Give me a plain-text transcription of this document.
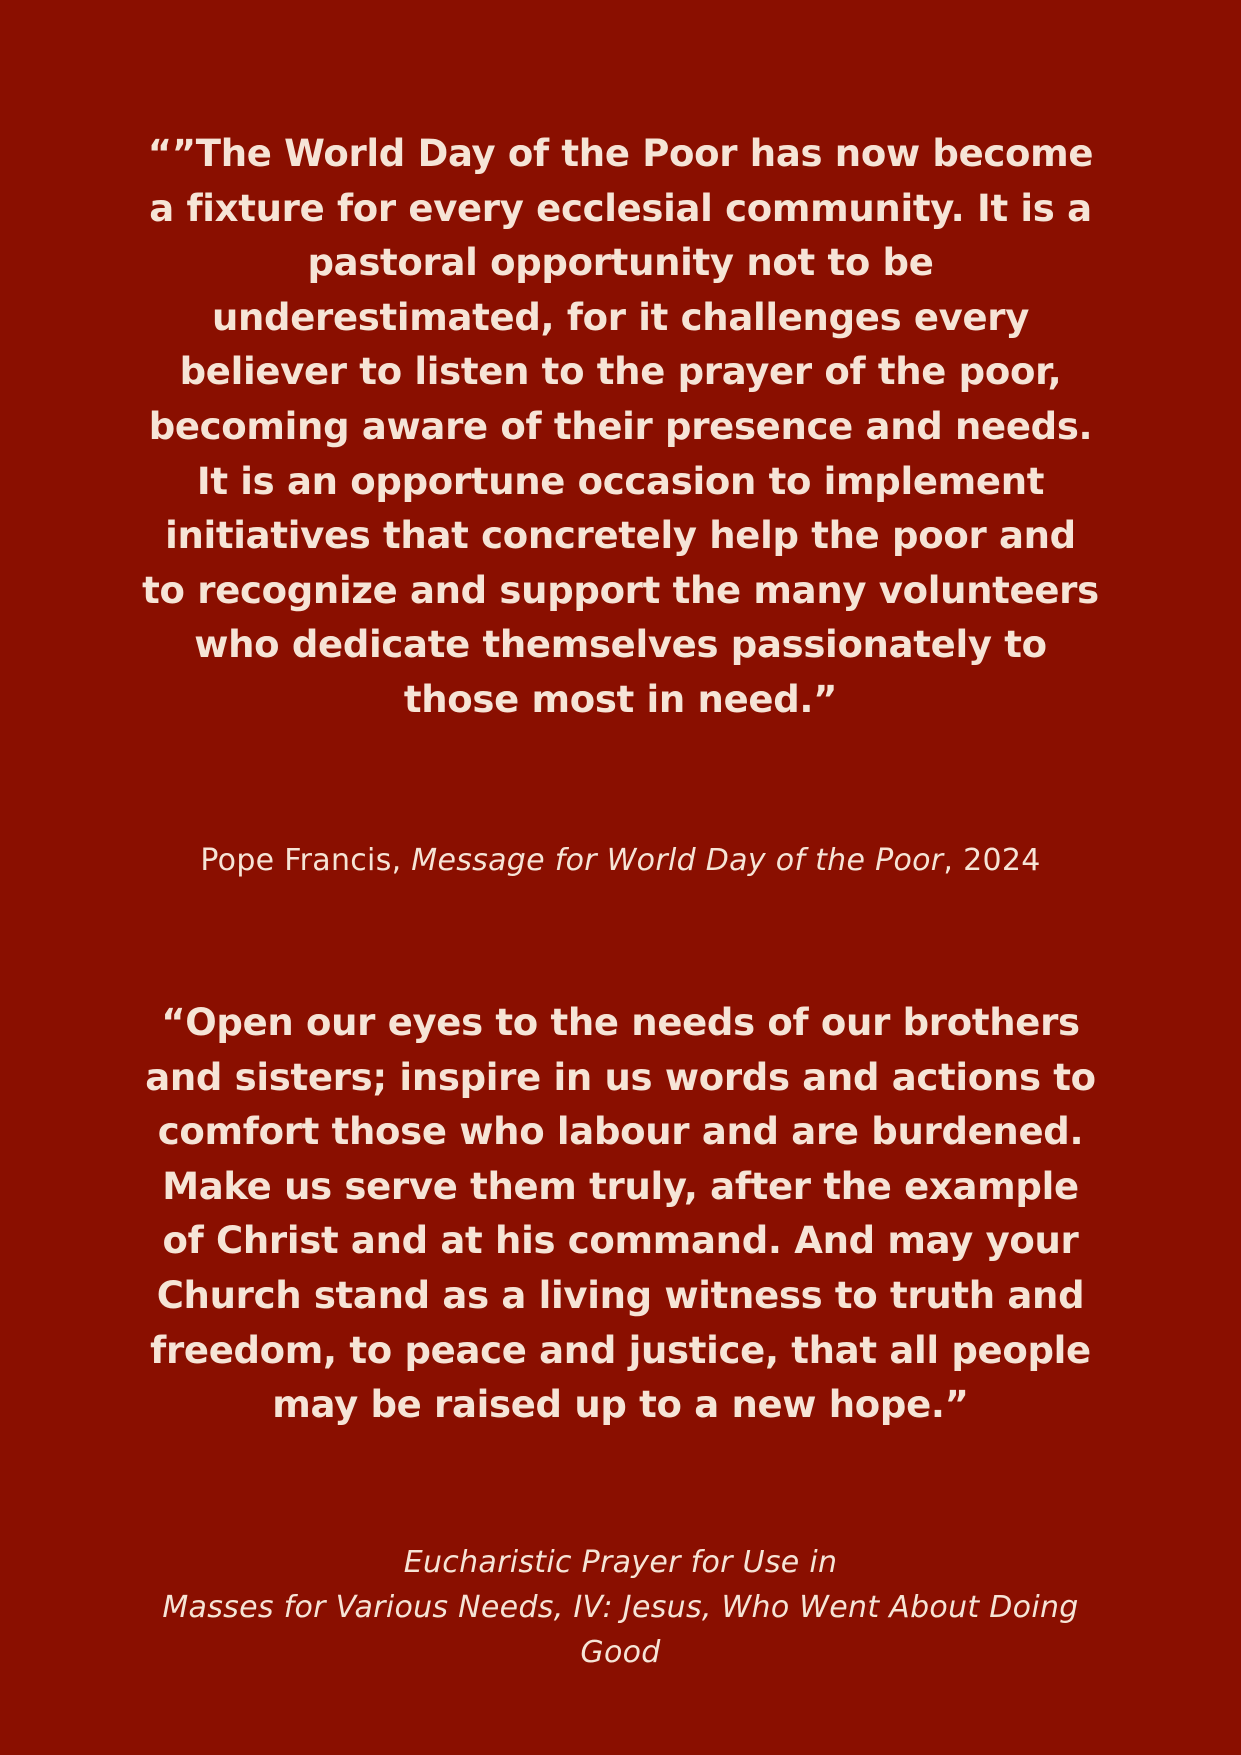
“”The World Day of the Poor has now become a fixture for every ecclesial community. It is a pastoral opportunity not to be underestimated, for it challenges every believer to listen to the prayer of the poor, becoming aware of their presence and needs. It is an opportune occasion to implement initiatives that concretely help the poor and to recognize and support the many volunteers who dedicate themselves passionately to those most in need.”

Pope Francis, Message for World Day of the Poor, 2024

“Open our eyes to the needs of our brothers and sisters; inspire in us words and actions to comfort those who labour and are burdened. Make us serve them truly, after the example of Christ and at his command. And may your Church stand as a living witness to truth and freedom, to peace and justice, that all people may be raised up to a new hope.”

Eucharistic Prayer for Use in
Masses for Various Needs, IV: Jesus, Who Went About Doing Good
